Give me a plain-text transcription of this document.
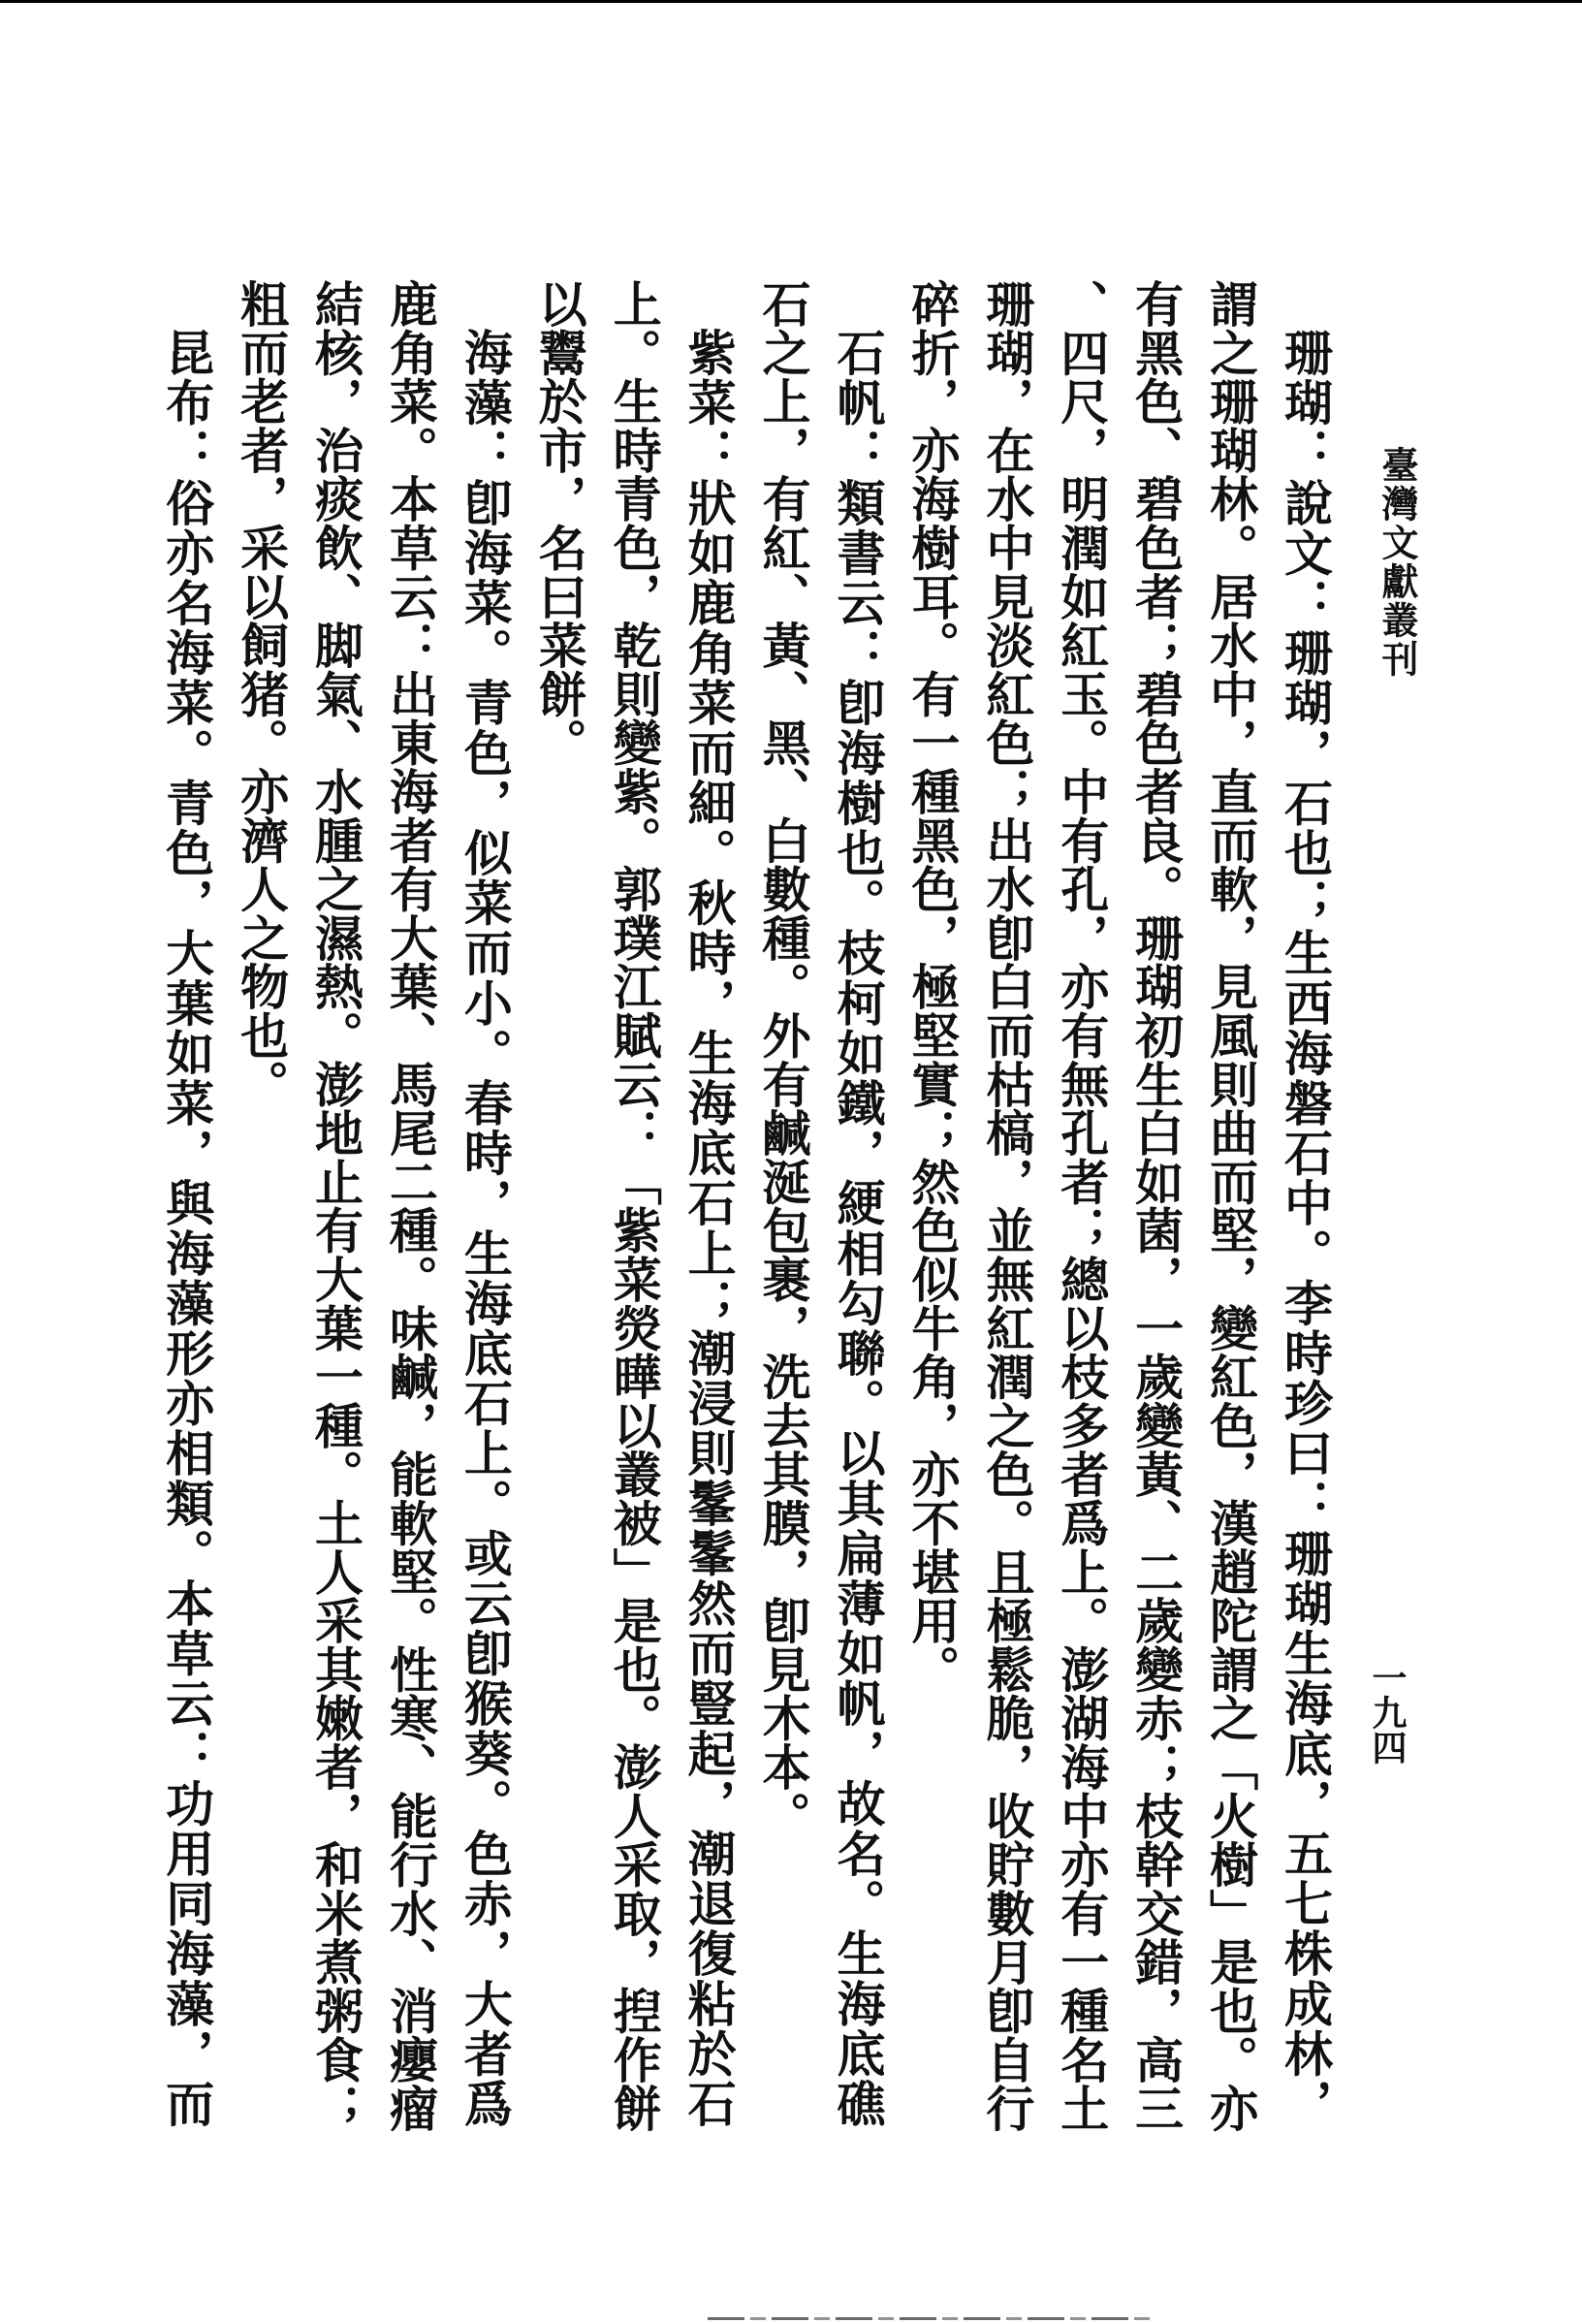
臺灣文獻叢刊
一九四
珊瑚：說文：珊瑚，石也；生西海磐石中。李時珍曰：珊瑚生海底，五七株成林，
謂之珊瑚林。居水中，直而軟，見風則曲而堅，變紅色，漢趙陀謂之「火樹」是也。亦
有黑色、碧色者；碧色者良。珊瑚初生白如菌，一歲變黃、二歲變赤；枝幹交錯，高三
、四尺，明潤如紅玉。中有孔，亦有無孔者；總以枝多者爲上。澎湖海中亦有一種名土
珊瑚，在水中見淡紅色；出水卽白而枯槁，並無紅潤之色。且極鬆脆，收貯數月卽自行
碎折，亦海樹耳。有一種黑色，極堅實；然色似牛角，亦不堪用。
石帆：類書云：卽海樹也。枝柯如鐵，綆相勾聯。以其扁薄如帆，故名。生海底礁
石之上，有紅、黃、黑、白數種。外有鹹涎包裹，洗去其膜，卽見木本。
紫菜：狀如鹿角菜而細。秋時，生海底石上；潮浸則髼髼然而豎起，潮退復粘於石
上。生時青色，乾則變紫。郭璞江賦云：「紫菜熒曄以叢被」是也。澎人采取，揑作餅
以鬻於市，名曰菜餅。
海藻：卽海菜。青色，似菜而小。春時，生海底石上。或云卽猴葵。色赤，大者爲
鹿角菜。本草云：出東海者有大葉、馬尾二種。味鹹，能軟堅。性寒、能行水、消癭瘤
結核，治痰飲、脚氣、水腫之濕熱。澎地止有大葉一種。土人采其嫩者，和米煮粥食；
粗而老者，采以飼猪。亦濟人之物也。
昆布：俗亦名海菜。青色，大葉如菜，與海藻形亦相類。本草云：功用同海藻，而
